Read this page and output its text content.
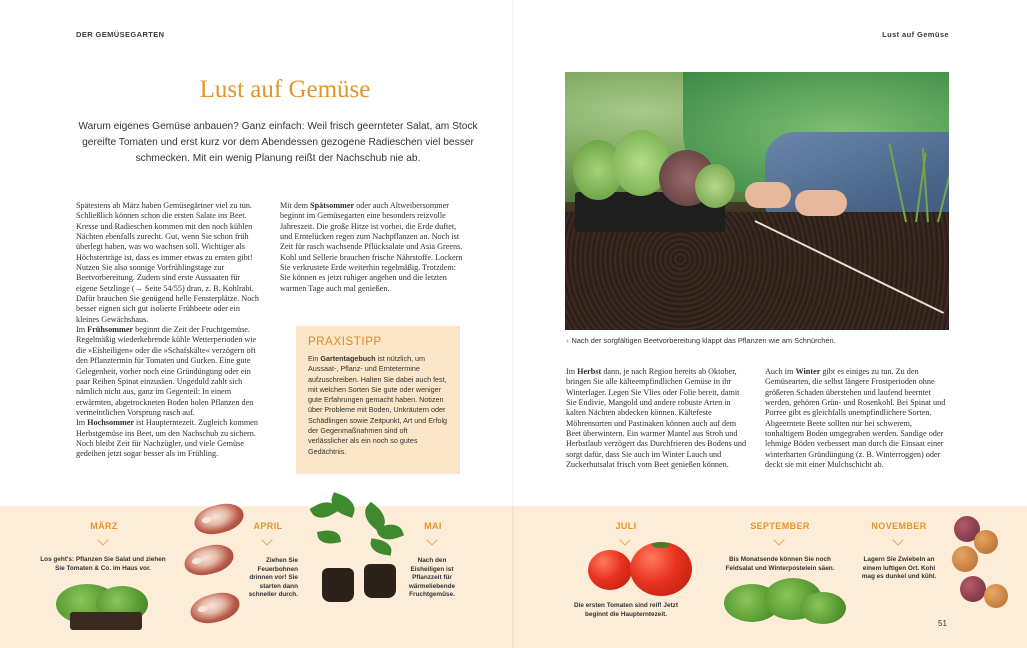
DER GEMÜSEGARTEN	Lust auf Gemüse
Lust auf Gemüse

Warum eigenes Gemüse anbauen? Ganz einfach: Weil frisch geernteter Salat, am Stock gereifte Tomaten und erst kurz vor dem Abendessen gezogene Radieschen viel besser schmecken. Mit ein wenig Planung reißt der Nachschub nie ab.

Spätestens ab März haben Gemüsegärtner viel zu tun. Schließlich können schon die ersten Salate ins Beet. Kresse und Radieschen kommen mit den noch kühlen Nächten ebenfalls zurecht. Gut, wenn Sie schon früh überlegt haben, was wo wachsen soll. Wichtiger als Höchsterträge ist, dass es immer etwas zu ernten gibt! Nutzen Sie also sonnige Vorfrühlingstage zur Beetvorbereitung. Zudem sind erste Aussaaten für eigene Setzlinge (→ Seite 54/55) dran, z. B. Kohlrabi. Dafür brauchen Sie genügend helle Fensterplätze. Noch besser eignen sich gut isolierte Frühbeete oder ein kleines Gewächshaus.
Im Frühsommer beginnt die Zeit der Fruchtgemüse. Regelmäßig wiederkehrende kühle Wetterperioden wie die »Eisheiligen« oder die »Schafskälte« verzögern oft den Pflanztermin für Tomaten und Gurken. Eine gute Gelegenheit, vorher noch eine Gründüngung oder ein paar Reihen Spinat einzusäen. Ungeduld zahlt sich nämlich nicht aus, ganz im Gegenteil: In einem erwärmten, abgetrockneten Boden holen Pflanzen den vermeintlichen Vorsprung rasch auf.
Im Hochsommer ist Haupterntezeit. Zugleich kommen Herbstgemüse ins Beet, um den Nachschub zu sichern. Noch bleibt Zeit für Nachzügler, und viele Gemüse gedeihen jetzt sogar besser als im Frühling.
Mit dem Spätsommer oder auch Altweibersommer beginnt im Gemüsegarten eine besonders reizvolle Jahreszeit. Die große Hitze ist vorbei, die Erde duftet, und Erntelücken regen zum Nachpflanzen an. Noch ist Zeit für rasch wachsende Pflücksalate und Asia Greens. Kohl und Sellerie brauchen frische Nährstoffe. Lockern Sie verkrustete Erde weiterhin regelmäßig. Trotzdem: Sie können es jetzt ruhiger angehen und die letzten warmen Tage auch mal genießen.

PRAXISTIPP

Ein Gartentagebuch ist nützlich, um Aussaat-, Pflanz- und Erntetermine aufzuschreiben. Halten Sie dabei auch fest, mit welchen Sorten Sie gute oder weniger gute Erfahrungen gemacht haben. Notizen über Probleme mit Boden, Unkräutern oder Schädlingen sowie Zeitpunkt, Art und Erfolg der Gegenmaßnahmen sind oft verlässlicher als ein noch so gutes Gedächtnis.

› Nach der sorgfältigen Beetvorbereitung klappt das Pflanzen wie am Schnürchen.
Im Herbst dann, je nach Region bereits ab Oktober, bringen Sie alle kälteempfindlichen Gemüse in ihr Winterlager. Legen Sie Vlies oder Folie bereit, damit Sie Endivie, Mangold und andere robuste Arten in kalten Nächten abdecken können. Kältefeste Möhrensorten und Pastinaken können auch auf dem Beet überwintern. Ein warmer Mantel aus Stroh und Herbstlaub verzögert das Durchfrieren des Bodens und sorgt dafür, dass Sie auch im Winter Lauch und Zuckerhutsalat frisch vom Beet genießen können.
Auch im Winter gibt es einiges zu tun. Zu den Gemüsearten, die selbst längere Frostperioden ohne größeren Schaden überstehen und laufend beerntet werden, gehören Grün- und Rosenkohl. Bei Spinat und Porree gibt es gleichfalls unempfindlichere Sorten. Abgeerntete Beete sollten nur bei schwerem, tonhaltigem Boden umgegraben werden. Sandige oder lehmige Böden verbessert man durch die Einsaat einer winterharten Gründüngung (z. B. Winterroggen) oder deckt sie mit einer Mulchschicht ab.
MÄRZ

Los geht's: Pflanzen Sie Salat und ziehen Sie Tomaten & Co. im Haus vor.

APRIL

Ziehen Sie Feuerbohnen drinnen vor! Sie starten dann schneller durch.

MAI

Nach den Eisheiligen ist Pflanzzeit für wärmeliebende Fruchtgemüse.

JULI

Die ersten Tomaten sind reif! Jetzt beginnt die Haupterntezeit.

SEPTEMBER

Bis Monatsende können Sie noch Feldsalat und Winterpostelein säen.

NOVEMBER

Lagern Sie Zwiebeln an einem luftigen Ort. Kohl mag es dunkel und kühl.

51
